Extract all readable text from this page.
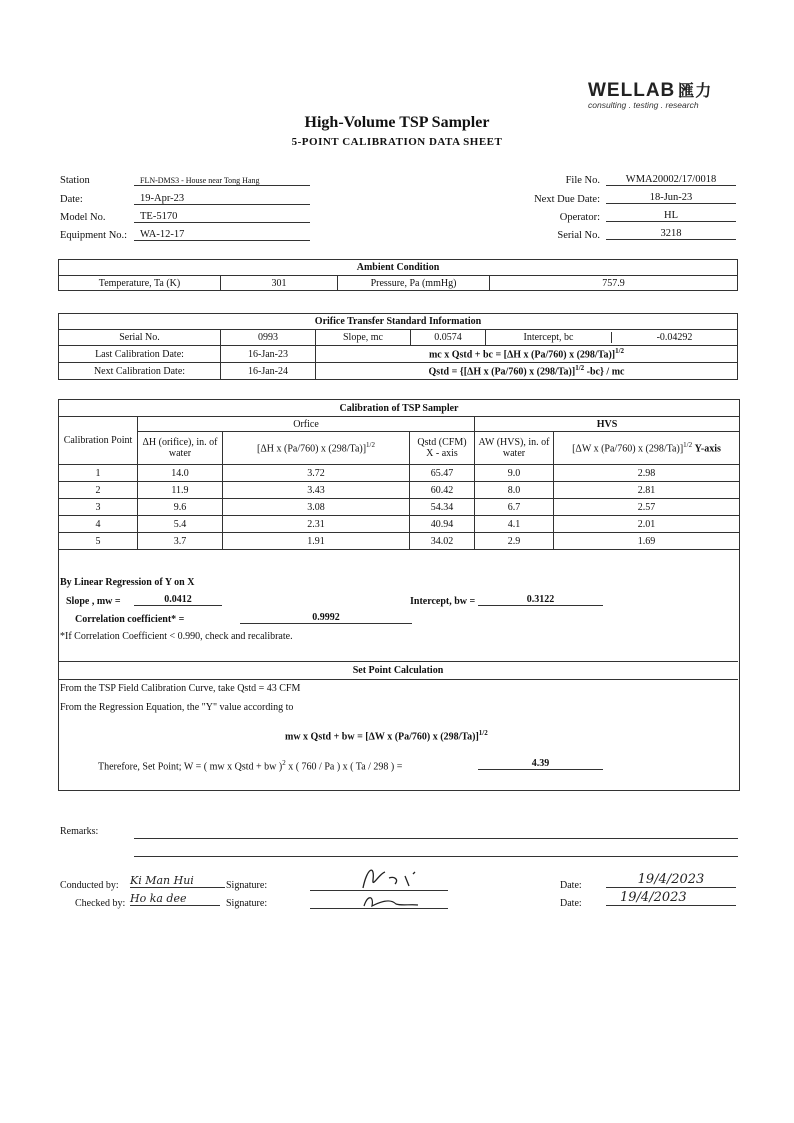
WELLAB 匯力
consulting . testing . research
High-Volume TSP Sampler
5-POINT CALIBRATION DATA SHEET
Station	FLN-DMS3 - House near Tong Hang
Date:	19-Apr-23
Model No.	TE-5170
Equipment No.:	WA-12-17
File No.	WMA20002/17/0018
Next Due Date:	18-Jun-23
Operator:	HL
Serial No.	3218
Ambient Condition
Temperature, Ta (K)	301	Pressure, Pa (mmHg)	757.9
Orifice Transfer Standard Information				
Serial No.	0993	Slope, mc	0.0574	Intercept, bc -0.04292

Last Calibration Date:	16-Jan-23	mc x Qstd + bc = [ΔH x (Pa/760) x (298/Ta)]$^{1/2}$
Next Calibration Date:	16-Jan-24	Qstd = {[ΔH x (Pa/760) x (298/Ta)]$^{1/2}$ -bc} / mc		
Calibration of TSP Sampler					
Calibration Point	Orfice			HVS	
	ΔH (orifice), in. of water	[ΔH x (Pa/760) x (298/Ta)]$^{1/2}$	Qstd (CFM) X - axis	AW (HVS), in. of water	[ΔW x (Pa/760) x (298/Ta)]$^{1/2}$ Y-axis
1	14.0	3.72	65.47	9.0	2.98
2	11.9	3.43	60.42	8.0	2.81
3	9.6	3.08	54.34	6.7	2.57
4	5.4	2.31	40.94	4.1	2.01
5	3.7	1.91	34.02	2.9	1.69
By Linear Regression of Y on X
Slope , mw =	0.0412	Intercept, bw =	0.3122
Correlation coefficient* =	0.9992
*If Correlation Coefficient < 0.990, check and recalibrate.
Set Point Calculation
From the TSP Field Calibration Curve, take Qstd = 43 CFM
From the Regression Equation, the "Y" value according to
mw x Qstd + bw = [ΔW x (Pa/760) x (298/Ta)]$^{1/2}$
Therefore, Set Point; W = ( mw x Qstd + bw )$^2$ x ( 760 / Pa ) x ( Ta / 298 ) =	4.39
Remarks:
Conducted by: Ki Man Hui	Signature:	Date:	19/4/2023
Checked by: Ho ka dee	Signature:	Date:	19/4/2023
